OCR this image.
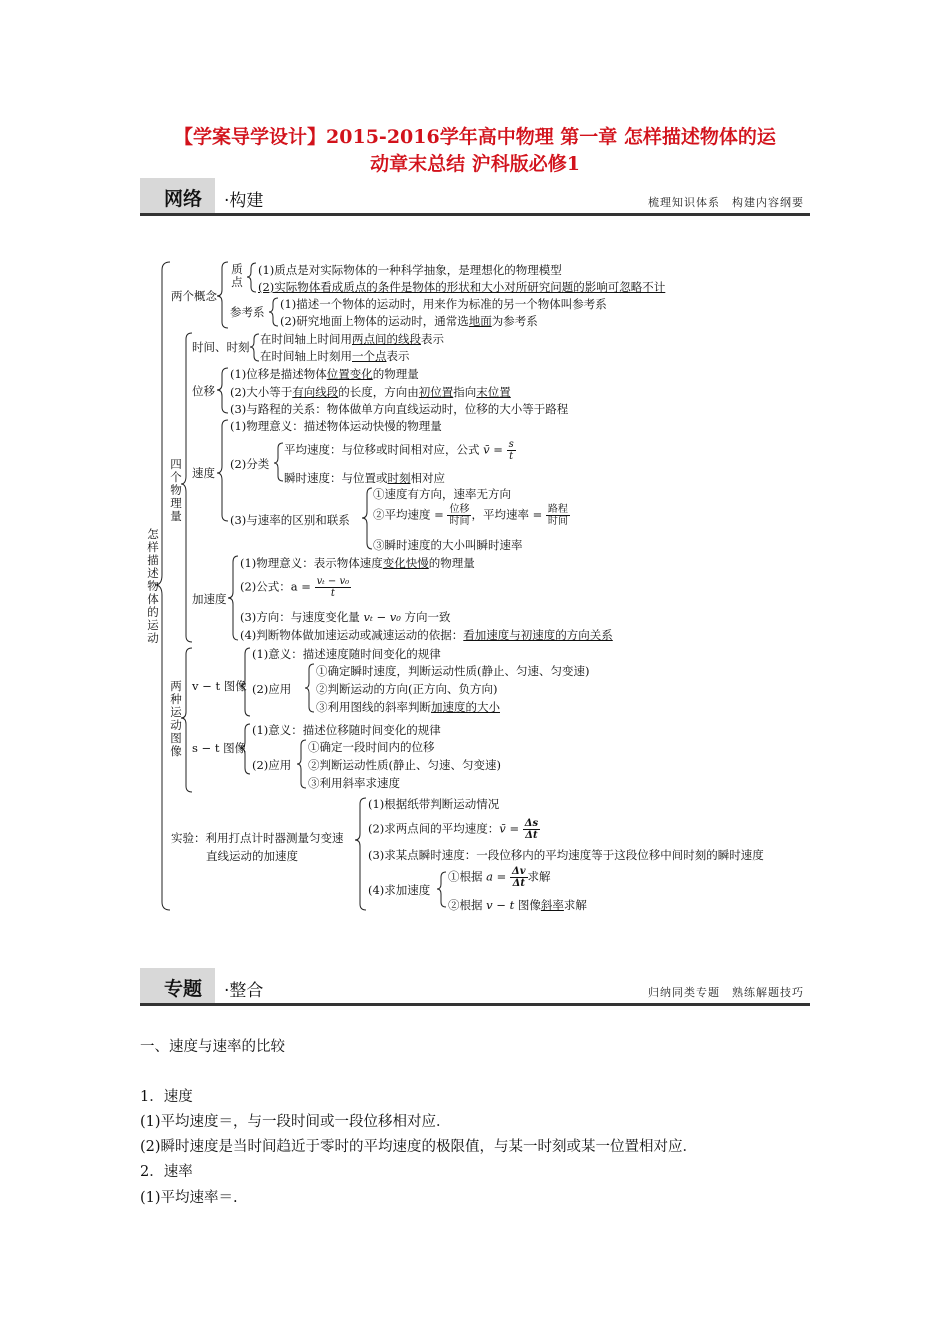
【学案导学设计】2015-2016学年高中物理 第一章 怎样描述物体的运
动章末总结 沪科版必修1
网络 ·构建	梳理知识体系　构建内容纲要
怎样描述物体的运动
两个概念
质点
(1)质点是对实际物体的一种科学抽象，是理想化的物理模型
(2)实际物体看成质点的条件是物体的形状和大小对所研究问题的影响可忽略不计
参考系
(1)描述一个物体的运动时，用来作为标准的另一个物体叫参考系
(2)研究地面上物体的运动时，通常选地面为参考系
四个物理量
时间、时刻
在时间轴上时间用两点间的线段表示
在时间轴上时刻用一个点表示
位移
(1)位移是描述物体位置变化的物理量
(2)大小等于有向线段的长度，方向由初位置指向末位置
(3)与路程的关系：物体做单方向直线运动时，位移的大小等于路程
速度
(1)物理意义：描述物体运动快慢的物理量
(2)分类
平均速度：与位移或时间相对应，公式 v̄ = $\frac{s}{t}$
瞬时速度：与位置或时刻相对应
(3)与速率的区别和联系
①速度有方向，速率无方向
②平均速度 = $\frac{\text{位移}}{\text{时间}}$ ，平均速率 = $\frac{\text{路程}}{\text{时间}}$
③瞬时速度的大小叫瞬时速率
加速度
(1)物理意义：表示物体速度变化快慢的物理量
(2)公式：$a = \frac{\text{vₜ − v₀}}{t}$
(3)方向：与速度变化量 vₜ − v₀ 方向一致
(4)判断物体做加速运动或减速运动的依据：看加速度与初速度的方向关系
两种运动图像
v − t 图像
(1)意义：描述速度随时间变化的规律
(2)应用
①确定瞬时速度，判断运动性质(静止、匀速、匀变速)
②判断运动的方向(正方向、负方向)
③利用图线的斜率判断加速度的大小
s − t 图像
(1)意义：描述位移随时间变化的规律
(2)应用
①确定一段时间内的位移
②判断运动性质(静止、匀速、匀变速)
③利用斜率求速度
实验：利用打点计时器测量匀变速
直线运动的加速度
(1)根据纸带判断运动情况
(2)求两点间的平均速度：v̄ = $\frac{\Delta s}{\Delta t}$
(3)求某点瞬时速度：一段位移内的平均速度等于这段位移中间时刻的瞬时速度
(4)求加速度
①根据 $a = \frac{\Delta v}{\Delta t}$ 求解
②根据 v − t 图像斜率求解
专题 ·整合	归纳同类专题　熟练解题技巧
一、速度与速率的比较
1．速度
(1)平均速度＝，与一段时间或一段位移相对应．
(2)瞬时速度是当时间趋近于零时的平均速度的极限值，与某一时刻或某一位置相对应．
2．速率
(1)平均速率＝.
